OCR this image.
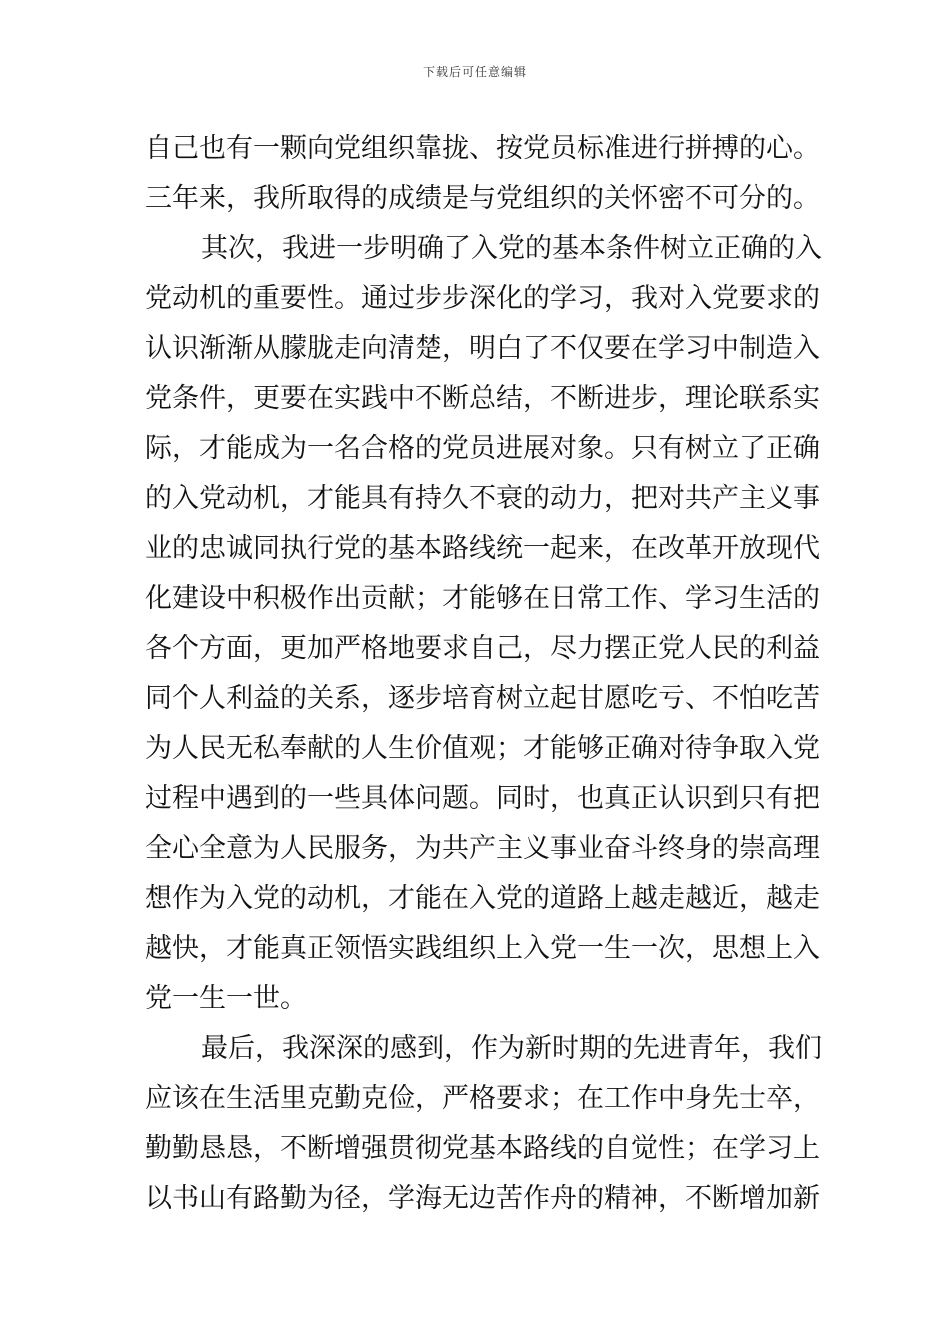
下载后可任意编辑
自己也有一颗向党组织靠拢、按党员标准进行拼搏的心。
三年来，我所取得的成绩是与党组织的关怀密不可分的。
其次，我进一步明确了入党的基本条件树立正确的入
党动机的重要性。通过步步深化的学习，我对入党要求的
认识渐渐从朦胧走向清楚，明白了不仅要在学习中制造入
党条件，更要在实践中不断总结，不断进步，理论联系实
际，才能成为一名合格的党员进展对象。只有树立了正确
的入党动机，才能具有持久不衰的动力，把对共产主义事
业的忠诚同执行党的基本路线统一起来，在改革开放现代
化建设中积极作出贡献；才能够在日常工作、学习生活的
各个方面，更加严格地要求自己，尽力摆正党人民的利益
同个人利益的关系，逐步培育树立起甘愿吃亏、不怕吃苦
为人民无私奉献的人生价值观；才能够正确对待争取入党
过程中遇到的一些具体问题。同时，也真正认识到只有把
全心全意为人民服务，为共产主义事业奋斗终身的崇高理
想作为入党的动机，才能在入党的道路上越走越近，越走
越快，才能真正领悟实践组织上入党一生一次，思想上入
党一生一世。
最后，我深深的感到，作为新时期的先进青年，我们
应该在生活里克勤克俭，严格要求；在工作中身先士卒，
勤勤恳恳，不断增强贯彻党基本路线的自觉性；在学习上
以书山有路勤为径，学海无边苦作舟的精神，不断增加新
